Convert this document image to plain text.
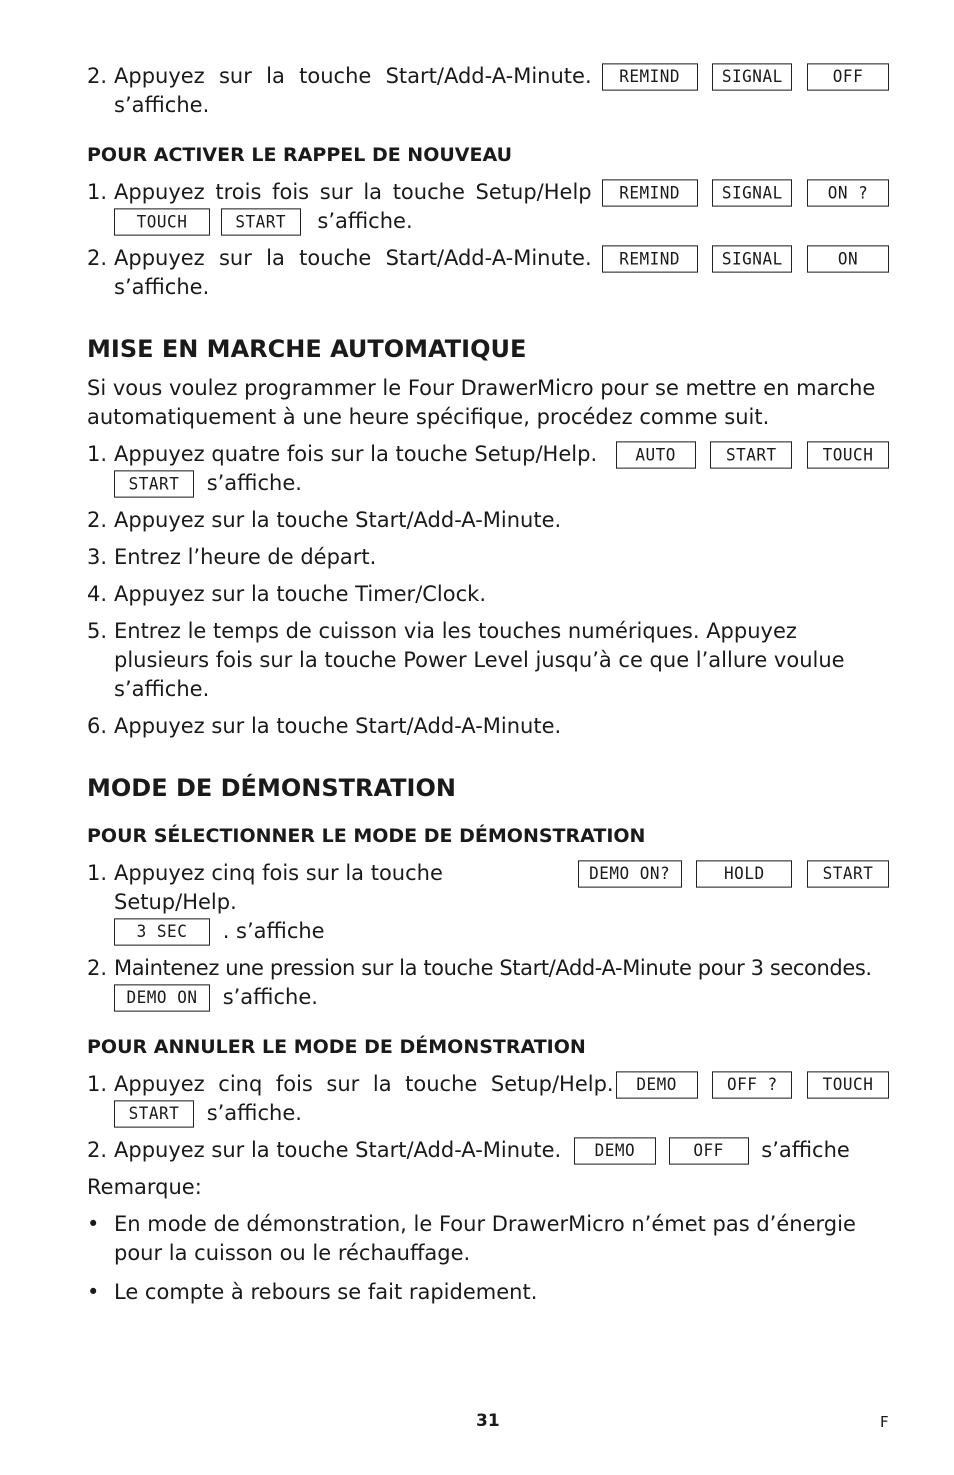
2.	REMIND	SIGNAL	OFF
Appuyez sur la touche Start/Add-A-Minute.
s’affiche.
POUR ACTIVER LE RAPPEL DE NOUVEAU
1.	REMIND	SIGNAL	ON ?
Appuyez trois fois sur la touche Setup/Help
TOUCH	START s’affiche.
2.	REMIND	SIGNAL	ON
Appuyez sur la touche Start/Add-A-Minute.
s’affiche.
MISE EN MARCHE AUTOMATIQUE
Si vous voulez programmer le Four DrawerMicro pour se mettre en marche automatiquement à une heure spécifique, procédez comme suit.
1.	AUTO	START	TOUCH
Appuyez quatre fois sur la touche Setup/Help.
START s’affiche.
2. Appuyez sur la touche Start/Add-A-Minute.
3. Entrez l’heure de départ.
4. Appuyez sur la touche Timer/Clock.
5. Entrez le temps de cuisson via les touches numériques. Appuyez plusieurs fois sur la touche Power Level jusqu’à ce que l’allure voulue s’affiche.
6. Appuyez sur la touche Start/Add-A-Minute.
MODE DE DÉMONSTRATION
POUR SÉLECTIONNER LE MODE DE DÉMONSTRATION
1.	DEMO ON?	HOLD	START
Appuyez cinq fois sur la touche Setup/Help.
3 SEC . s’affiche
2. Maintenez une pression sur la touche Start/Add-A-Minute pour 3 secondes.
DEMO ON s’affiche.
POUR ANNULER LE MODE DE DÉMONSTRATION
1.	DEMO	OFF ?	TOUCH
Appuyez cinq fois sur la touche Setup/Help.
START s’affiche.
2. Appuyez sur la touche Start/Add-A-Minute. DEMO	OFF s’affiche
Remarque:
• En mode de démonstration, le Four DrawerMicro n’émet pas d’énergie pour la cuisson ou le réchauffage.
• Le compte à rebours se fait rapidement.
31	F
